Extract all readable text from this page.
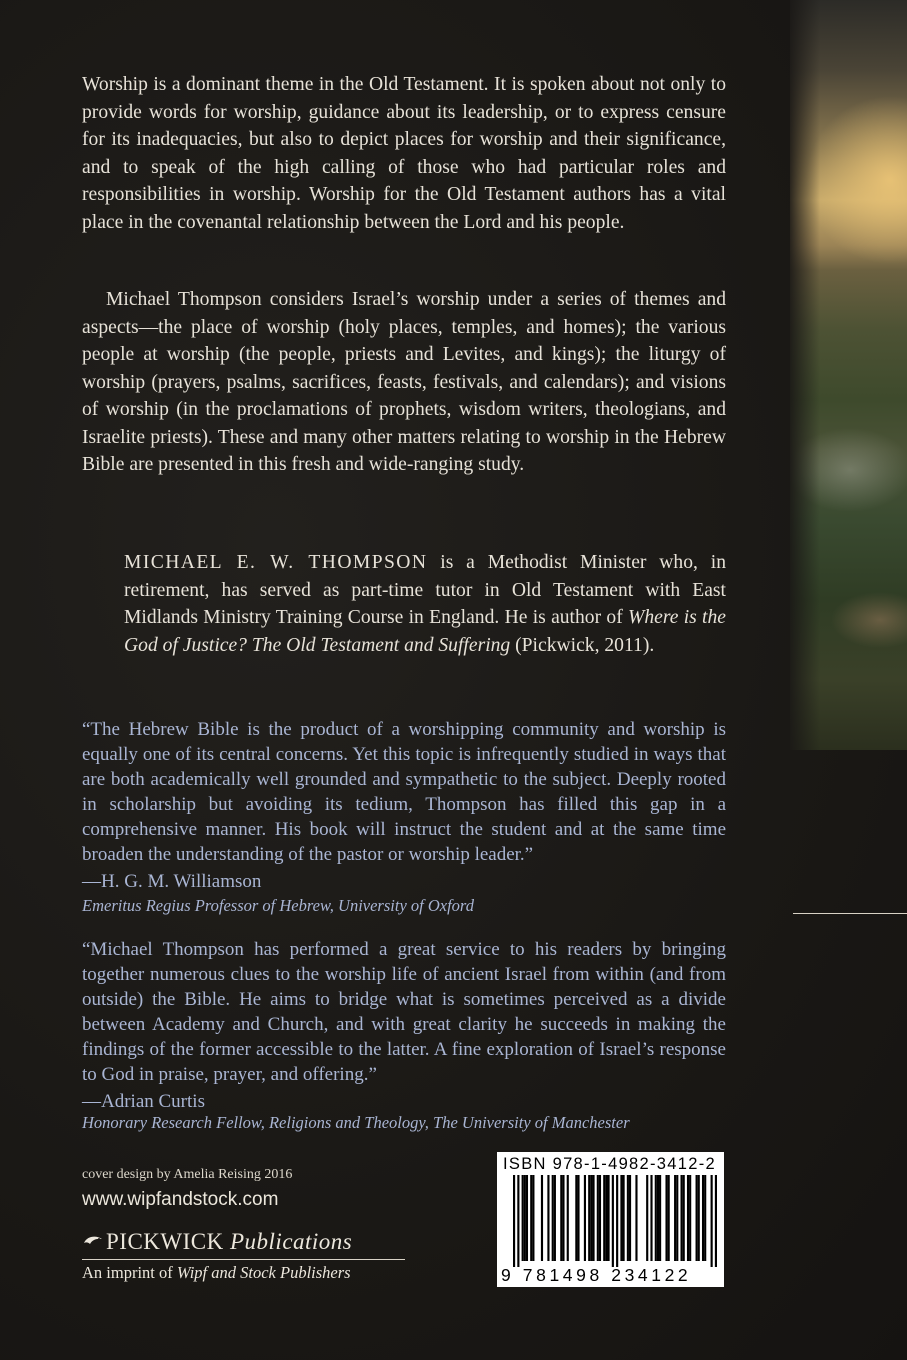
Worship is a dominant theme in the Old Testament. It is spoken about not only to provide words for worship, guidance about its leadership, or to express censure for its inadequacies, but also to depict places for worship and their significance, and to speak of the high calling of those who had particular roles and responsibilities in worship. Worship for the Old Testament authors has a vital place in the covenantal relationship between the Lord and his people.

Michael Thompson considers Israel’s worship under a series of themes and aspects—the place of worship (holy places, temples, and homes); the various people at worship (the people, priests and Levites, and kings); the liturgy of worship (prayers, psalms, sacrifices, feasts, festivals, and calendars); and visions of worship (in the proclamations of prophets, wisdom writers, theologians, and Israelite priests). These and many other matters relating to worship in the Hebrew Bible are presented in this fresh and wide-ranging study.

MICHAEL E. W. THOMPSON is a Methodist Minister who, in retirement, has served as part-time tutor in Old Testament with East Midlands Ministry Training Course in England. He is author of Where is the God of Justice? The Old Testament and Suffering (Pickwick, 2011).

“The Hebrew Bible is the product of a worshipping community and worship is equally one of its central concerns. Yet this topic is infrequently studied in ways that are both academically well grounded and sympathetic to the subject. Deeply rooted in scholarship but avoiding its tedium, Thompson has filled this gap in a comprehensive manner. His book will instruct the student and at the same time broaden the understanding of the pastor or worship leader.”

—H. G. M. Williamson

Emeritus Regius Professor of Hebrew, University of Oxford

“Michael Thompson has performed a great service to his readers by bringing together numerous clues to the worship life of ancient Israel from within (and from outside) the Bible. He aims to bridge what is sometimes perceived as a divide between Academy and Church, and with great clarity he succeeds in making the findings of the former accessible to the latter. A fine exploration of Israel’s response to God in praise, prayer, and offering.”

—Adrian Curtis

Honorary Research Fellow, Religions and Theology, The University of Manchester

cover design by Amelia Reising 2016

www.wipfandstock.com

PICKWICK Publications

An imprint of Wipf and Stock Publishers

ISBN 978-1-4982-3412-2

9 781498 234122
